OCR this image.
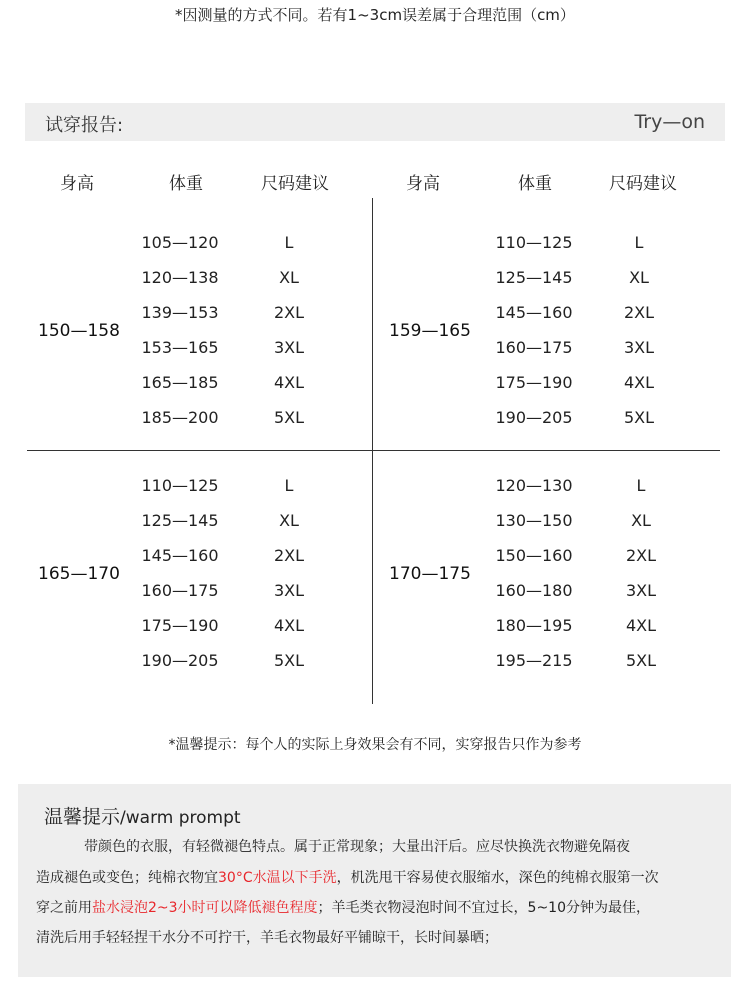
*因测量的方式不同。若有1~3cm误差属于合理范围（cm）
试穿报告:	Try—on
身高	体重	尺码建议	身高	体重	尺码建议
150—158
105—120	L
120—138	XL
139—153	2XL
153—165	3XL
165—185	4XL
185—200	5XL
159—165
110—125	L
125—145	XL
145—160	2XL
160—175	3XL
175—190	4XL
190—205	5XL
165—170
110—125	L
125—145	XL
145—160	2XL
160—175	3XL
175—190	4XL
190—205	5XL
170—175
120—130	L
130—150	XL
150—160	2XL
160—180	3XL
180—195	4XL
195—215	5XL
*温馨提示：每个人的实际上身效果会有不同，实穿报告只作为参考
温馨提示/warm prompt
带颜色的衣服，有轻微褪色特点。属于正常现象；大量出汗后。应尽快换洗衣物避免隔夜
造成褪色或变色；纯棉衣物宜30°C水温以下手洗，机洗甩干容易使衣服缩水，深色的纯棉衣服第一次
穿之前用盐水浸泡2~3小时可以降低褪色程度；羊毛类衣物浸泡时间不宜过长，5~10分钟为最佳，
清洗后用手轻轻捏干水分不可拧干，羊毛衣物最好平铺晾干，长时间暴晒；
